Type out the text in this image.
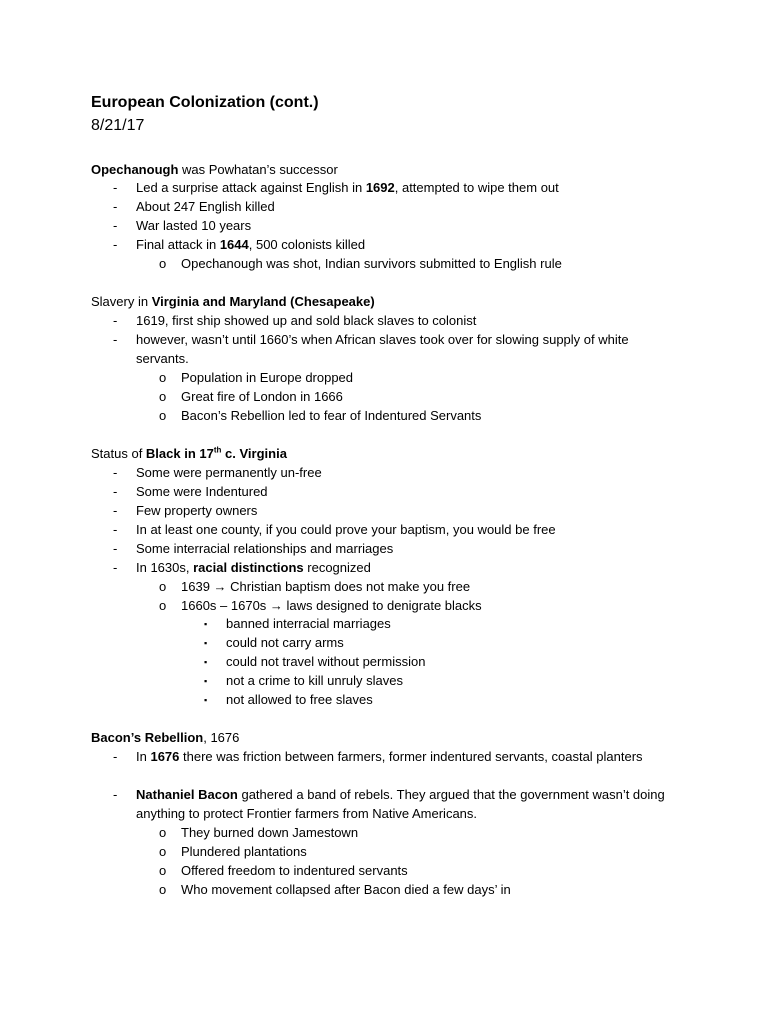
European Colonization (cont.)
8/21/17
Opechanough was Powhatan’s successor
- Led a surprise attack against English in 1692, attempted to wipe them out
- About 247 English killed
- War lasted 10 years
- Final attack in 1644, 500 colonists killed
o Opechanough was shot, Indian survivors submitted to English rule
Slavery in Virginia and Maryland (Chesapeake)
- 1619, first ship showed up and sold black slaves to colonist
- however, wasn’t until 1660’s when African slaves took over for slowing supply of white servants.
o Population in Europe dropped
o Great fire of London in 1666
o Bacon’s Rebellion led to fear of Indentured Servants
Status of Black in 17th c. Virginia
- Some were permanently un-free
- Some were Indentured
- Few property owners
- In at least one county, if you could prove your baptism, you would be free
- Some interracial relationships and marriages
- In 1630s, racial distinctions recognized
o 1639 → Christian baptism does not make you free
o 1660s – 1670s → laws designed to denigrate blacks
▪ banned interracial marriages
▪ could not carry arms
▪ could not travel without permission
▪ not a crime to kill unruly slaves
▪ not allowed to free slaves
Bacon’s Rebellion, 1676
- In 1676 there was friction between farmers, former indentured servants, coastal planters
- Nathaniel Bacon gathered a band of rebels. They argued that the government wasn’t doing anything to protect Frontier farmers from Native Americans.
o They burned down Jamestown
o Plundered plantations
o Offered freedom to indentured servants
o Who movement collapsed after Bacon died a few days’ in
